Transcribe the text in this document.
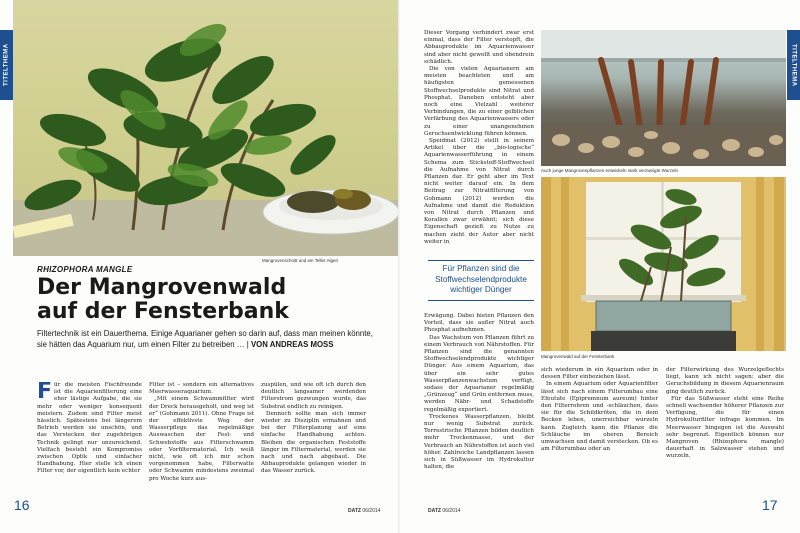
TITELTHEMA
Mangrovenschnitt und ein Teller Algen
RHIZOPHORA MANGLE
Der Mangrovenwald
auf der Fensterbank
Filtertechnik ist ein Dauerthema. Einige Aquarianer gehen so darin auf, dass man meinen könnte, sie hätten das Aquarium nur, um einen Filter zu betreiben … | VON ANDREAS MOSS

Für die meisten Fischfreunde ist die Aquarienfilterung eine eher lästige Aufgabe, die sie mehr oder weniger konsequent meistern. Zudem sind Filter meist hässlich. Spätestens bei längerem Betrieb werden sie unschön, und das Verstecken der zugehörigen Technik gelingt nur unzureichend. Vielfach besteht ein Kompromiss zwischen Optik und einfacher Handhabung. Hier stelle ich einen Filter vor, der eigentlich kein echter

Filter ist – sondern ein alternatives Meerwasseraquarium.

„Mit einem Schwammfilter wird der Dreck herausgeholt, und weg ist er“ (Gohmann 2011). Ohne Frage ist der effektivste Weg der Wasserpflege das regelmäßige Auswaschen der Fest- und Schwebstoffe aus Filterschwamm oder Vorfiltermaterial. Ich weiß nicht, wie oft ich mir schon vorgenommen habe, Filterwatte oder Schwamm mindestens zweimal pro Woche kurz aus-

zuspülen, und wie oft ich durch den deutlich langsamer werdenden Filterstrom gezwungen wurde, das Substrat endlich zu reinigen.

Dennoch sollte man sich immer wieder zu Disziplin ermahnen und bei der Filterplanung auf eine einfache Handhabung achten. Bleiben die organischen Feststoffe länger im Filtermaterial, werden sie nach und nach abgebaut. Die Abbauprodukte gelangen wieder in das Wasser zurück.

16	DATZ 06/2014
TITELTHEMA
17
DATZ 06/2014

Dieser Vorgang verhindert zwar erst einmal, dass der Filter verstopft, die Abbauprodukte im Aquarienwasser sind aber nicht gewollt und obendrein schädlich.

Die von vielen Aquarianern am meisten beachteten und am häufigsten gemessenen Stoffwechselprodukte sind Nitrat und Phosphat. Daneben entsteht aber noch eine Vielzahl weiterer Verbindungen, die zu einer gelblichen Verfärbung des Aquarienwassers oder zu einer unangenehmen Geruchsentwicklung führen können.

Speidmat (2012) stellt in seinem Artikel über die „bio-logische“ Aquarienwasserführung in einem Schema zum Stickstoff-Stoffwechsel die Aufnahme von Nitrat durch Pflanzen dar. Er geht aber im Text nicht weiter darauf ein. In dem Beitrag zur Nitratfilterung von Gohmann (2012) werden die Aufnahme und damit die Reduktion von Nitrat durch Pflanzen und Korallen zwar erwähnt; sich diese Eigenschaft gezielt zu Nutze zu machen zieht der Autor aber nicht weiter in

Für Pflanzen sind die Stoffwechselendprodukte wichtiger Dünger

Erwägung. Dabei bieten Pflanzen den Vorteil, dass sie außer Nitrat auch Phosphat aufnehmen.

Das Wachstum von Pflanzen führt zu einem Verbrauch von Nährstoffen. Für Pflanzen sind die genannten Stoffwechselendprodukte wichtiger Dünger. Aus einem Aquarium, das über ein sehr gutes Wasserpflanzenwachstum verfügt, sodass der Aquarianer regelmäßig „Grünzeug“ und Grün entfernen muss, werden Nähr- und Schadstoffe regelmäßig exportiert.

Trockenes Wasserpflanzen, bleibt nur wenig Substrat zurück. Terrestrische Pflanzen bilden deutlich mehr Trockenmasse, und der Verbrauch an Nährstoffen ist auch viel höher. Zahlreiche Landpflanzen lassen sich in Süßwasser im Hydrokultur halten, die

Auch junge Mangrovenpflanzen entwickeln stark verzweigte Wurzeln
Mangrovenwald auf der Fensterbank

sich wiederum in ein Aquarium oder in dessen Filter einbeziehen lässt.

In einem Aquarium oder Aquarienfilter lässt sich nach einem Filterumbau eine Efeutute (Epipremnum aureum) hinter den Filterrohren und -schläuchen, dass sie für die Schildkröten, die in dem Becken leben, unerreichbar wurzeln kann. Zugleich kann die Pflanze die Schläuche im oberen Bereich umwachsen und damit verstecken. Ob es am Filterumbau oder an

der Filterwirkung des Wurzelgeflechts liegt, kann ich nicht sagen: aber die Geruchsbildung in diesem Aquarienraum ging deutlich zurück.

Für das Süßwasser steht eine Reihe schnell wachsender höherer Pflanzen zur Verfügung, die für einen Hydrokulturfilter infrage kommen. Im Meerwasser hingegen ist die Auswahl sehr begrenzt. Eigentlich können nur Mangroven (Rhizophora mangle) dauerhaft in Salzwasser stehen und wurzeln.
